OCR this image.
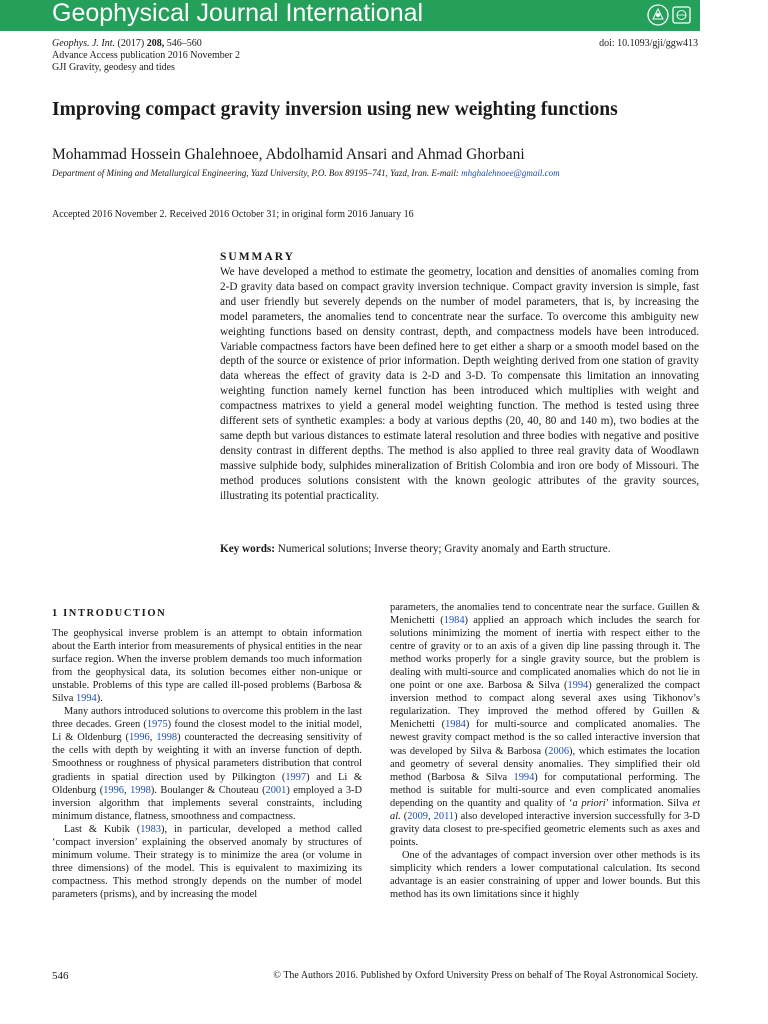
Geophysical Journal International
Geophys. J. Int. (2017) 208, 546–560
Advance Access publication 2016 November 2
GJI Gravity, geodesy and tides
doi: 10.1093/gji/ggw413
Improving compact gravity inversion using new weighting functions
Mohammad Hossein Ghalehnoee, Abdolhamid Ansari and Ahmad Ghorbani
Department of Mining and Metallurgical Engineering, Yazd University, P.O. Box 89195–741, Yazd, Iran. E-mail: mhghalehnoee@gmail.com
Accepted 2016 November 2. Received 2016 October 31; in original form 2016 January 16
SUMMARY

We have developed a method to estimate the geometry, location and densities of anomalies coming from 2-D gravity data based on compact gravity inversion technique. Compact gravity inversion is simple, fast and user friendly but severely depends on the number of model parameters, that is, by increasing the model parameters, the anomalies tend to concentrate near the surface. To overcome this ambiguity new weighting functions based on density contrast, depth, and compactness models have been introduced. Variable compactness factors have been defined here to get either a sharp or a smooth model based on the depth of the source or existence of prior information. Depth weighting derived from one station of gravity data whereas the effect of gravity data is 2-D and 3-D. To compensate this limitation an innovating weighting function namely kernel function has been introduced which multiplies with weight and compactness matrixes to yield a general model weighting function. The method is tested using three different sets of synthetic examples: a body at various depths (20, 40, 80 and 140 m), two bodies at the same depth but various distances to estimate lateral resolution and three bodies with negative and positive density contrast in different depths. The method is also applied to three real gravity data of Woodlawn massive sulphide body, sulphides mineralization of British Colombia and iron ore body of Missouri. The method produces solutions consistent with the known geologic attributes of the gravity sources, illustrating its potential practicality.

Key words: Numerical solutions; Inverse theory; Gravity anomaly and Earth structure.
1 INTRODUCTION

The geophysical inverse problem is an attempt to obtain information about the Earth interior from measurements of physical entities in the near surface region. When the inverse problem demands too much information from the geophysical data, its solution becomes either non-unique or unstable. Problems of this type are called ill-posed problems (Barbosa & Silva 1994).

Many authors introduced solutions to overcome this problem in the last three decades. Green (1975) found the closest model to the initial model, Li & Oldenburg (1996, 1998) counteracted the decreasing sensitivity of the cells with depth by weighting it with an inverse function of depth. Smoothness or roughness of physical parameters distribution that control gradients in spatial direction used by Pilkington (1997) and Li & Oldenburg (1996, 1998). Boulanger & Chouteau (2001) employed a 3-D inversion algorithm that implements several constraints, including minimum distance, flatness, smoothness and compactness.

Last & Kubik (1983), in particular, developed a method called ‘compact inversion’ explaining the observed anomaly by structures of minimum volume. Their strategy is to minimize the area (or volume in three dimensions) of the model. This is equivalent to maximizing its compactness. This method strongly depends on the number of model parameters (prisms), and by increasing the model

parameters, the anomalies tend to concentrate near the surface. Guillen & Menichetti (1984) applied an approach which includes the search for solutions minimizing the moment of inertia with respect either to the centre of gravity or to an axis of a given dip line passing through it. The method works properly for a single gravity source, but the problem is dealing with multi-source and complicated anomalies which do not lie in one point or one axe. Barbosa & Silva (1994) generalized the compact inversion method to compact along several axes using Tikhonov’s regularization. They improved the method offered by Guillen & Menichetti (1984) for multi-source and complicated anomalies. The newest gravity compact method is the so called interactive inversion that was developed by Silva & Barbosa (2006), which estimates the location and geometry of several density anomalies. They simplified their old method (Barbosa & Silva 1994) for computational performing. The method is suitable for multi-source and even complicated anomalies depending on the quantity and quality of ‘a priori’ information. Silva et al. (2009, 2011) also developed interactive inversion successfully for 3-D gravity data closest to pre-specified geometric elements such as axes and points.

One of the advantages of compact inversion over other methods is its simplicity which renders a lower computational calculation. Its second advantage is an easier constraining of upper and lower bounds. But this method has its own limitations since it highly

546	© The Authors 2016. Published by Oxford University Press on behalf of The Royal Astronomical Society.
